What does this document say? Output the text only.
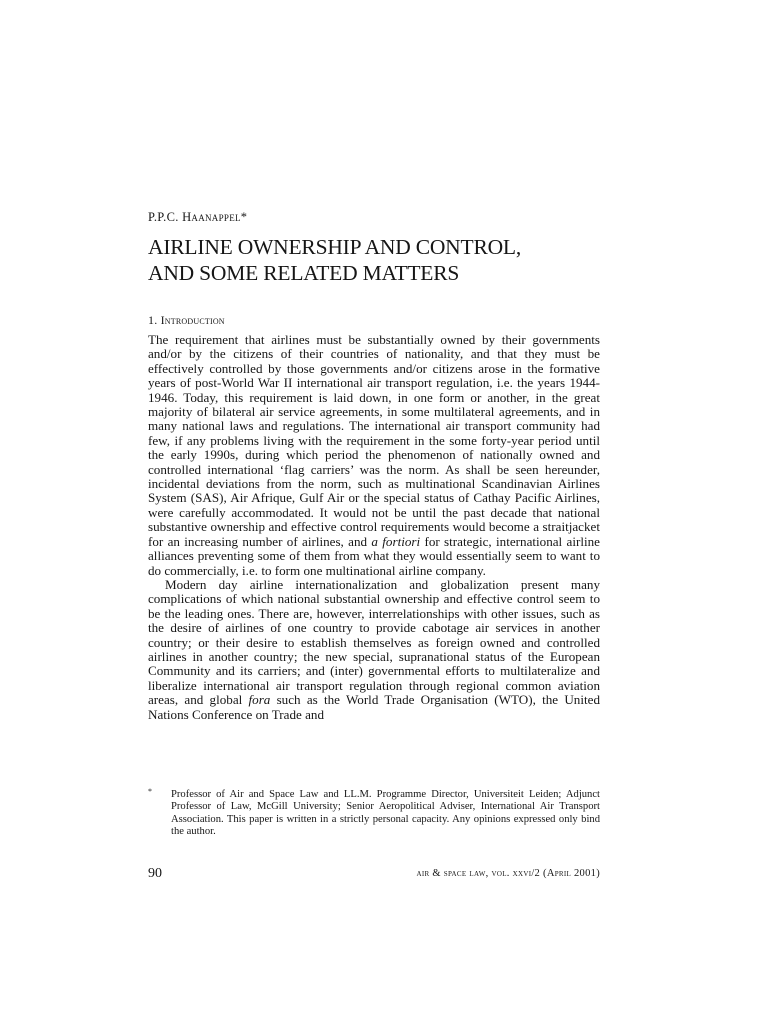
P.P.C. Haanappel*
AIRLINE OWNERSHIP AND CONTROL,
AND SOME RELATED MATTERS
1. Introduction

The requirement that airlines must be substantially owned by their governments and/or by the citizens of their countries of nationality, and that they must be effectively controlled by those governments and/or citizens arose in the formative years of post-World War II international air transport regulation, i.e. the years 1944-1946. Today, this requirement is laid down, in one form or another, in the great majority of bilateral air service agreements, in some multilateral agreements, and in many national laws and regulations. The international air transport community had few, if any problems living with the requirement in the some forty-year period until the early 1990s, during which period the phenomenon of nationally owned and controlled international ‘flag carriers’ was the norm. As shall be seen hereunder, incidental deviations from the norm, such as multinational Scandinavian Airlines System (SAS), Air Afrique, Gulf Air or the special status of Cathay Pacific Airlines, were carefully accommodated. It would not be until the past decade that national substantive ownership and effective control requirements would become a straitjacket for an increasing number of airlines, and a fortiori for strategic, international airline alliances preventing some of them from what they would essentially seem to want to do commercially, i.e. to form one multinational airline company.

Modern day airline internationalization and globalization present many complications of which national substantial ownership and effective control seem to be the leading ones. There are, however, interrelationships with other issues, such as the desire of airlines of one country to provide cabotage air services in another country; or their desire to establish themselves as foreign owned and controlled airlines in another country; the new special, supranational status of the European Community and its carriers; and (inter) governmental efforts to multilateralize and liberalize international air transport regulation through regional common aviation areas, and global fora such as the World Trade Organisation (WTO), the United Nations Conference on Trade and

* Professor of Air and Space Law and LL.M. Programme Director, Universiteit Leiden; Adjunct Professor of Law, McGill University; Senior Aeropolitical Adviser, International Air Transport Association. This paper is written in a strictly personal capacity. Any opinions expressed only bind the author.

90	air & space law, vol. xxvi/2 (April 2001)
